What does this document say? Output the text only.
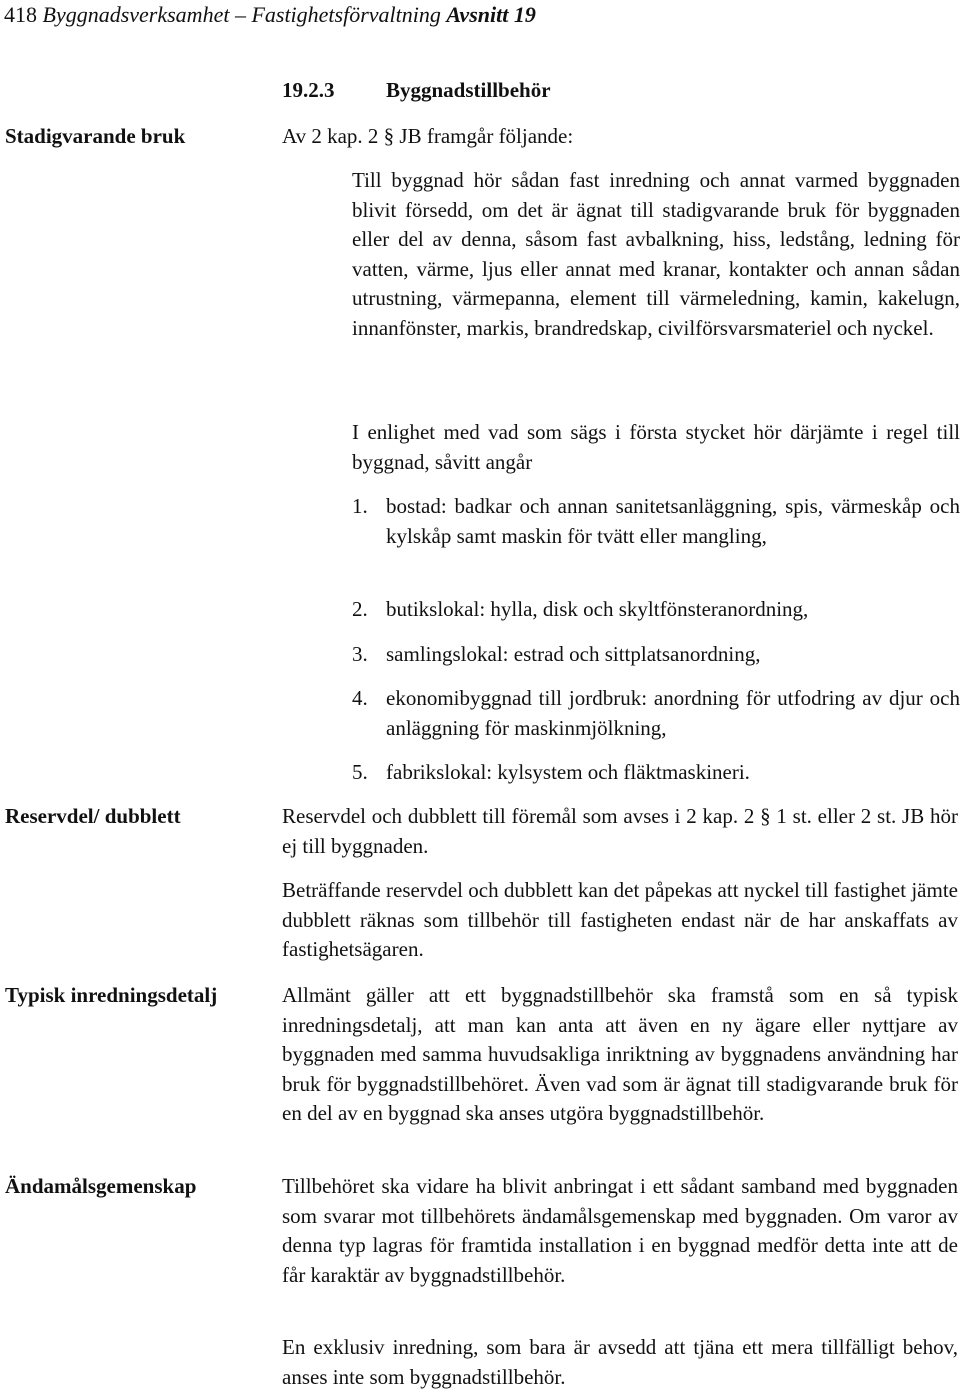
418 Byggnadsverksamhet – Fastighetsförvaltning Avsnitt 19
Stadigvarande bruk
Reservdel/ dubblett
Typisk inredningsdetalj
Ändamålsgemenskap
19.2.3 Byggnadstillbehör

Av 2 kap. 2 § JB framgår följande:

Till byggnad hör sådan fast inredning och annat varmed byggnaden blivit försedd, om det är ägnat till stadigvarande bruk för byggnaden eller del av denna, såsom fast avbalkning, hiss, ledstång, ledning för vatten, värme, ljus eller annat med kranar, kontakter och annan sådan utrustning, värmepanna, element till värmeledning, kamin, kakelugn, innanfönster, markis, brandredskap, civilförsvarsmateriel och nyckel.

I enlighet med vad som sägs i första stycket hör därjämte i regel till byggnad, såvitt angår

1. bostad: badkar och annan sanitetsanläggning, spis, värmeskåp och kylskåp samt maskin för tvätt eller mangling,
2. butikslokal: hylla, disk och skyltfönsteranordning,
3. samlingslokal: estrad och sittplatsanordning,
4. ekonomibyggnad till jordbruk: anordning för utfodring av djur och anläggning för maskinmjölkning,
5. fabrikslokal: kylsystem och fläktmaskineri.

Reservdel och dubblett till föremål som avses i 2 kap. 2 § 1 st. eller 2 st. JB hör ej till byggnaden.

Beträffande reservdel och dubblett kan det påpekas att nyckel till fastighet jämte dubblett räknas som tillbehör till fastigheten endast när de har anskaffats av fastighetsägaren.

Allmänt gäller att ett byggnadstillbehör ska framstå som en så typisk inredningsdetalj, att man kan anta att även en ny ägare eller nyttjare av byggnaden med samma huvudsakliga inriktning av byggnadens användning har bruk för byggnadstillbehöret. Även vad som är ägnat till stadigvarande bruk för en del av en byggnad ska anses utgöra byggnadstillbehör.

Tillbehöret ska vidare ha blivit anbringat i ett sådant samband med byggnaden som svarar mot tillbehörets ändamålsgemenskap med byggnaden. Om varor av denna typ lagras för framtida installation i en byggnad medför detta inte att de får karaktär av byggnadstillbehör.

En exklusiv inredning, som bara är avsedd att tjäna ett mera tillfälligt behov, anses inte som byggnadstillbehör.
